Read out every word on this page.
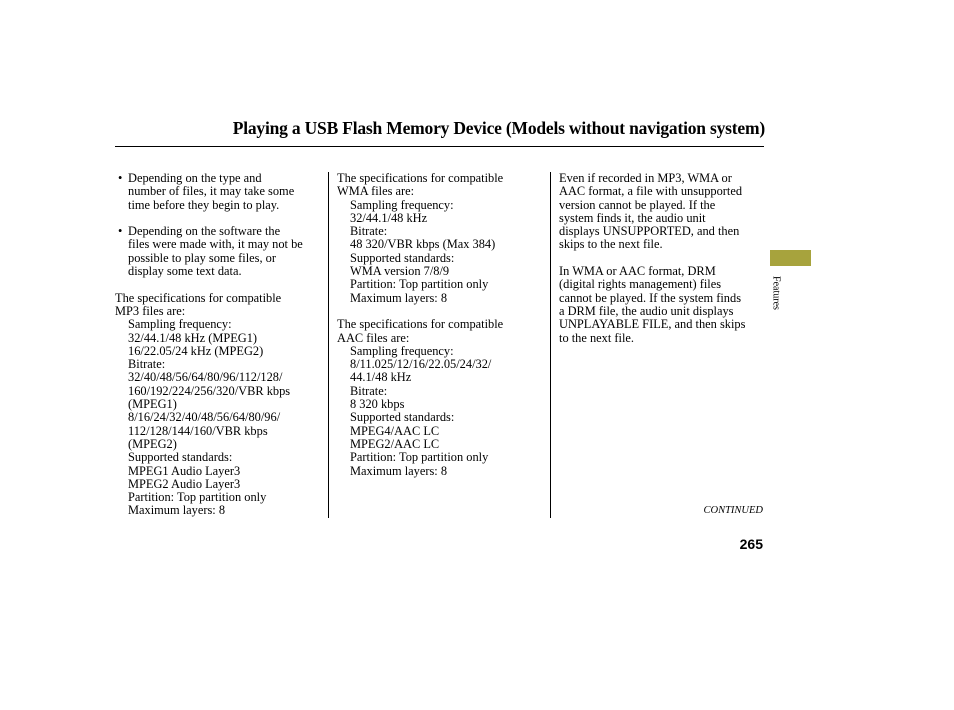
Playing a USB Flash Memory Device (Models without navigation system)
• Depending on the type and
number of files, it may take some
time before they begin to play.
• Depending on the software the
files were made with, it may not be
possible to play some files, or
display some text data.
The specifications for compatible
MP3 files are:
Sampling frequency:
32/44.1/48 kHz (MPEG1)
16/22.05/24 kHz (MPEG2)
Bitrate:
32/40/48/56/64/80/96/112/128/
160/192/224/256/320/VBR kbps
(MPEG1)
8/16/24/32/40/48/56/64/80/96/
112/128/144/160/VBR kbps
(MPEG2)
Supported standards:
MPEG1 Audio Layer3
MPEG2 Audio Layer3
Partition: Top partition only
Maximum layers: 8
The specifications for compatible
WMA files are:
Sampling frequency:
32/44.1/48 kHz
Bitrate:
48 320/VBR kbps (Max 384)
Supported standards:
WMA version 7/8/9
Partition: Top partition only
Maximum layers: 8
The specifications for compatible
AAC files are:
Sampling frequency:
8/11.025/12/16/22.05/24/32/
44.1/48 kHz
Bitrate:
8 320 kbps
Supported standards:
MPEG4/AAC LC
MPEG2/AAC LC
Partition: Top partition only
Maximum layers: 8
Even if recorded in MP3, WMA or
AAC format, a file with unsupported
version cannot be played. If the
system finds it, the audio unit
displays UNSUPPORTED, and then
skips to the next file.
In WMA or AAC format, DRM
(digital rights management) files
cannot be played. If the system finds
a DRM file, the audio unit displays
UNPLAYABLE FILE, and then skips
to the next file.
Features
CONTINUED
265
